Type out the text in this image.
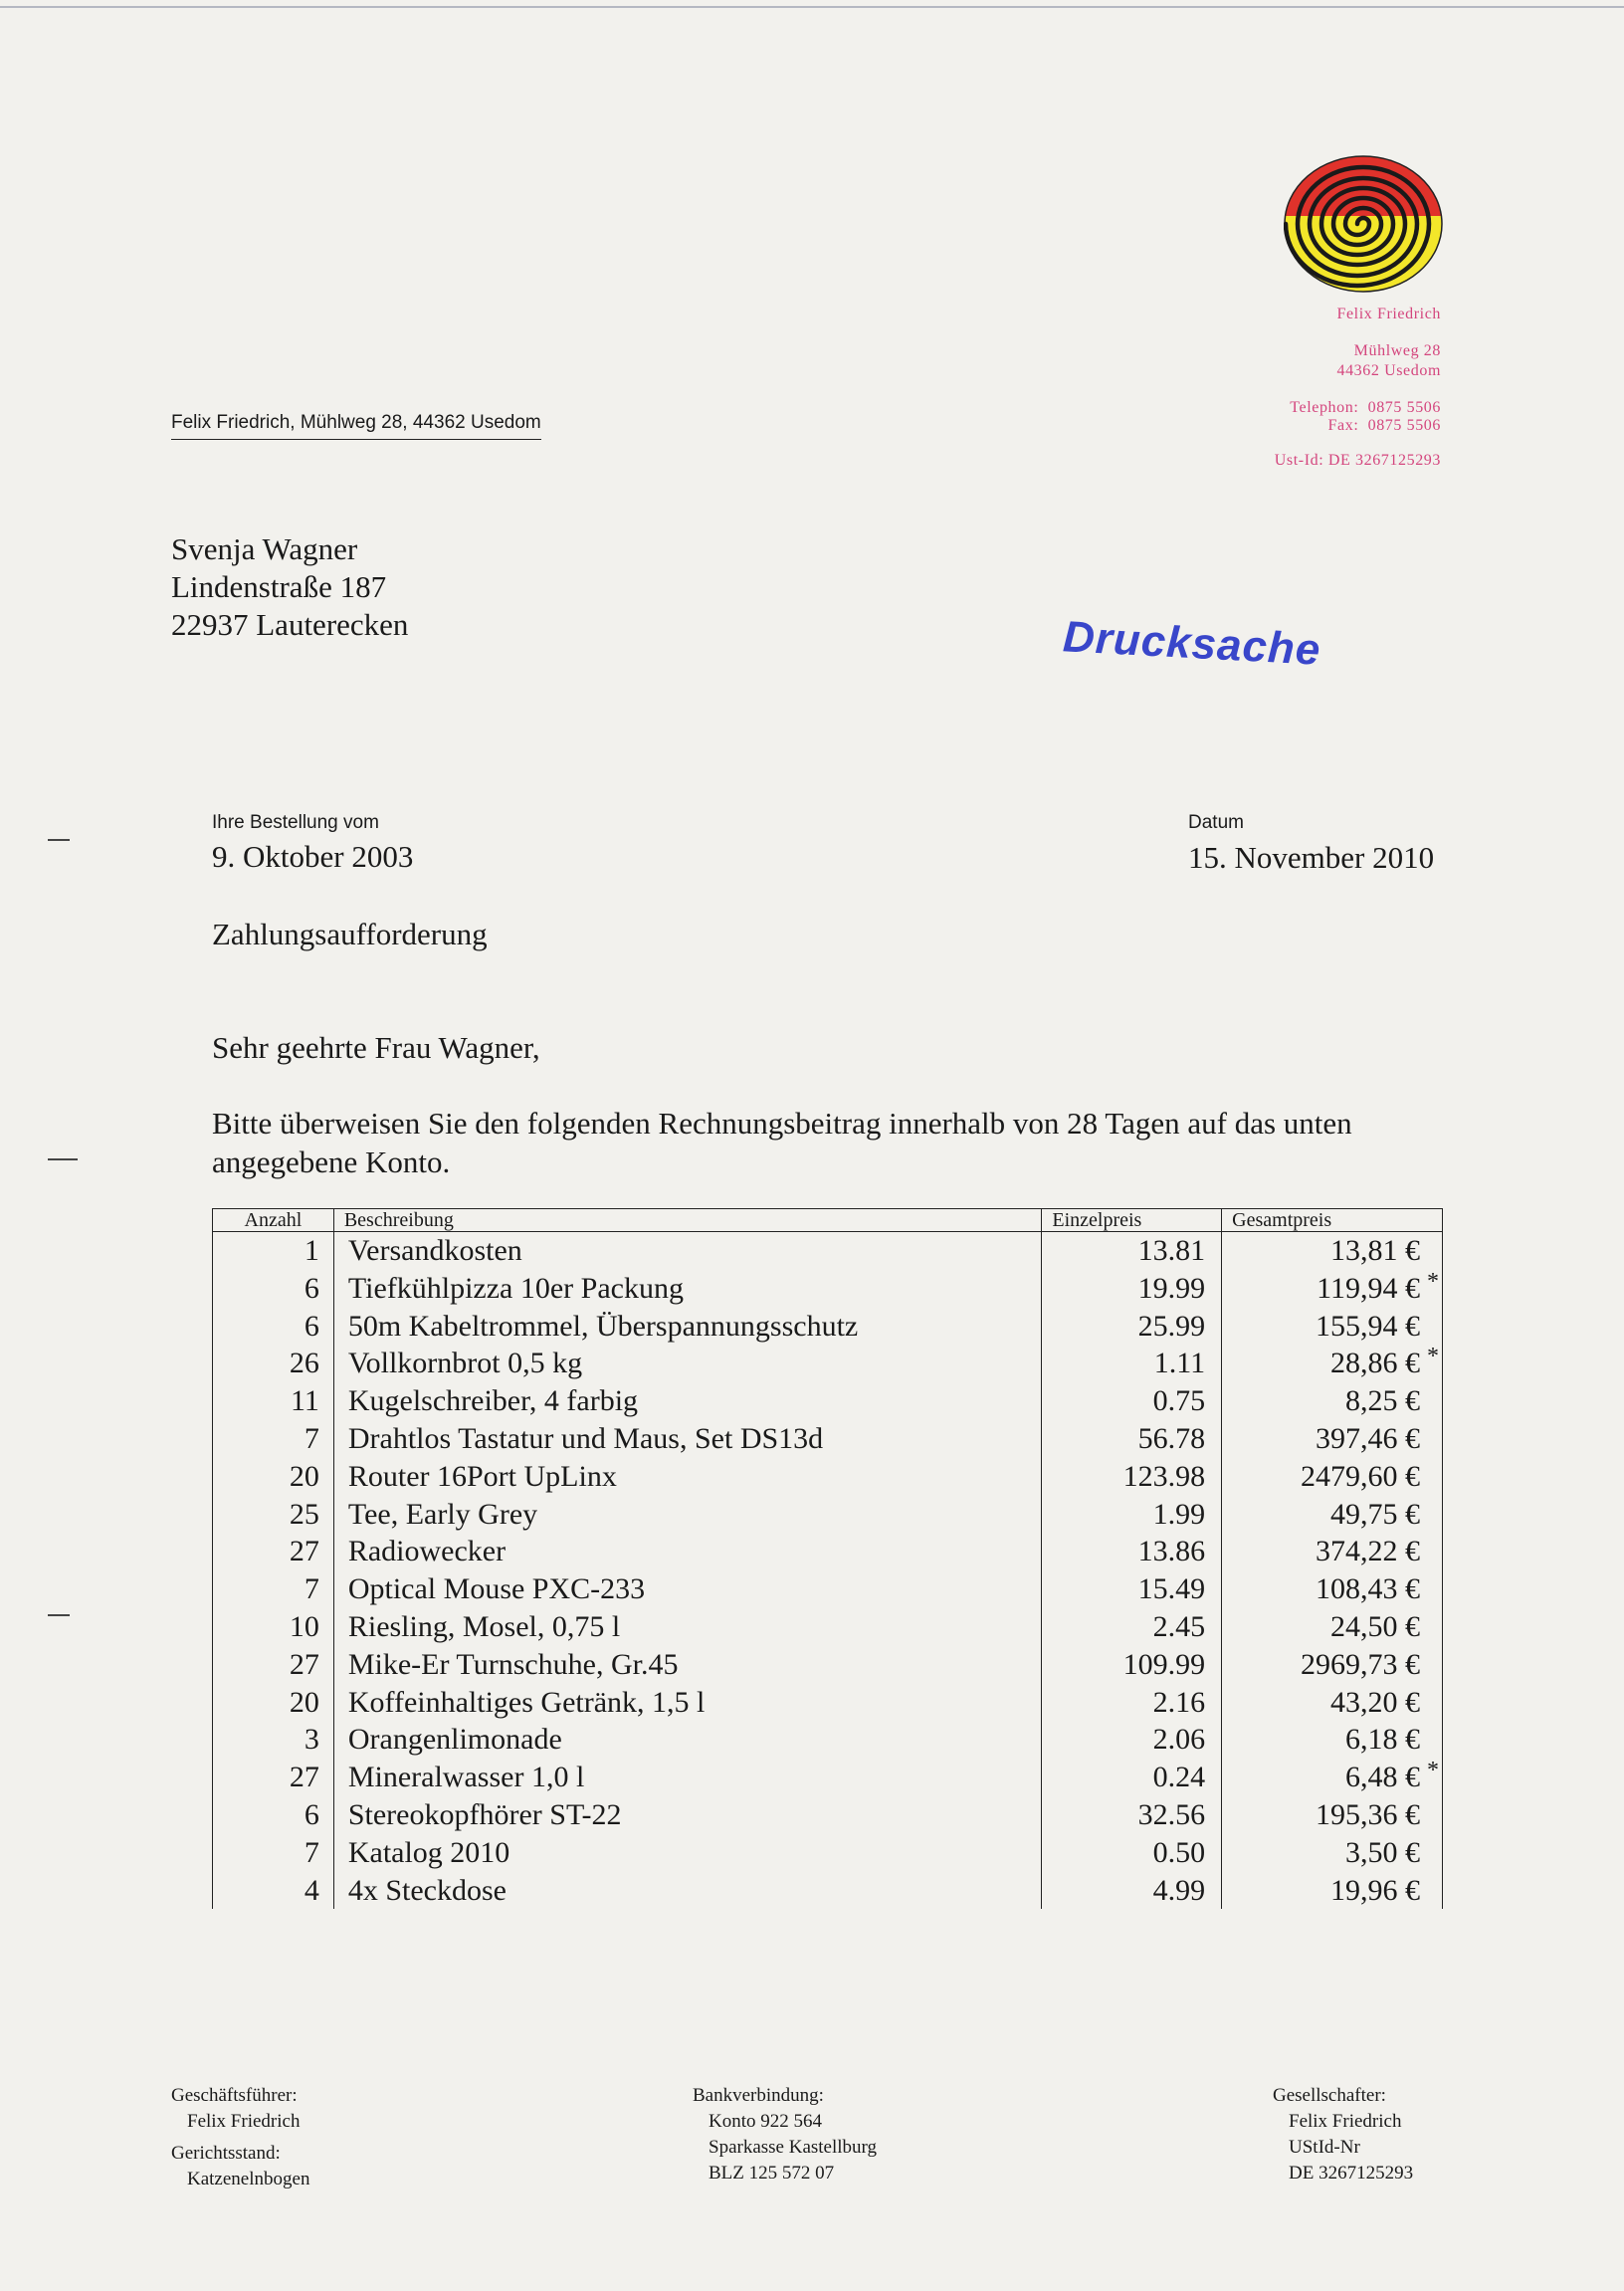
Felix Friedrich
Mühlweg 28
44362 Usedom
Telephon:  0875 5506
Fax:  0875 5506
Ust-Id: DE 3267125293
Felix Friedrich, Mühlweg 28, 44362 Usedom
Svenja Wagner
Lindenstraße 187
22937 Lauterecken	Drucksache
Ihre Bestellung vom
9. Oktober 2003
Datum
15. November 2010
Zahlungsaufforderung
Sehr geehrte Frau Wagner,
Bitte überweisen Sie den folgenden Rechnungsbeitrag innerhalb von 28 Tagen auf das unten angegebene Konto.
Anzahl	Beschreibung	Einzelpreis	Gesamtpreis
1	Versandkosten	13.81	13,81 €
6	Tiefkühlpizza 10er Packung	19.99	119,94 € *

6	50m Kabeltrommel, Überspannungsschutz	25.99	155,94 €
26	Vollkornbrot 0,5 kg	1.11	28,86 € *

11	Kugelschreiber, 4 farbig	0.75	8,25 €
7	Drahtlos Tastatur und Maus, Set DS13d	56.78	397,46 €
20	Router 16Port UpLinx	123.98	2479,60 €
25	Tee, Early Grey	1.99	49,75 €
27	Radiowecker	13.86	374,22 €
7	Optical Mouse PXC-233	15.49	108,43 €
10	Riesling, Mosel, 0,75 l	2.45	24,50 €
27	Mike-Er Turnschuhe, Gr.45	109.99	2969,73 €
20	Koffeinhaltiges Getränk, 1,5 l	2.16	43,20 €
3	Orangenlimonade	2.06	6,18 €
27	Mineralwasser 1,0 l	0.24	6,48 € *

6	Stereokopfhörer ST-22	32.56	195,36 €
7	Katalog 2010	0.50	3,50 €
4	4x Steckdose	4.99	19,96 €
Geschäftsführer:
Felix Friedrich
Gerichtsstand:
Katzenelnbogen
Bankverbindung:
Konto 922 564
Sparkasse Kastellburg
BLZ 125 572 07
Gesellschafter:
Felix Friedrich
UStId-Nr
DE 3267125293
